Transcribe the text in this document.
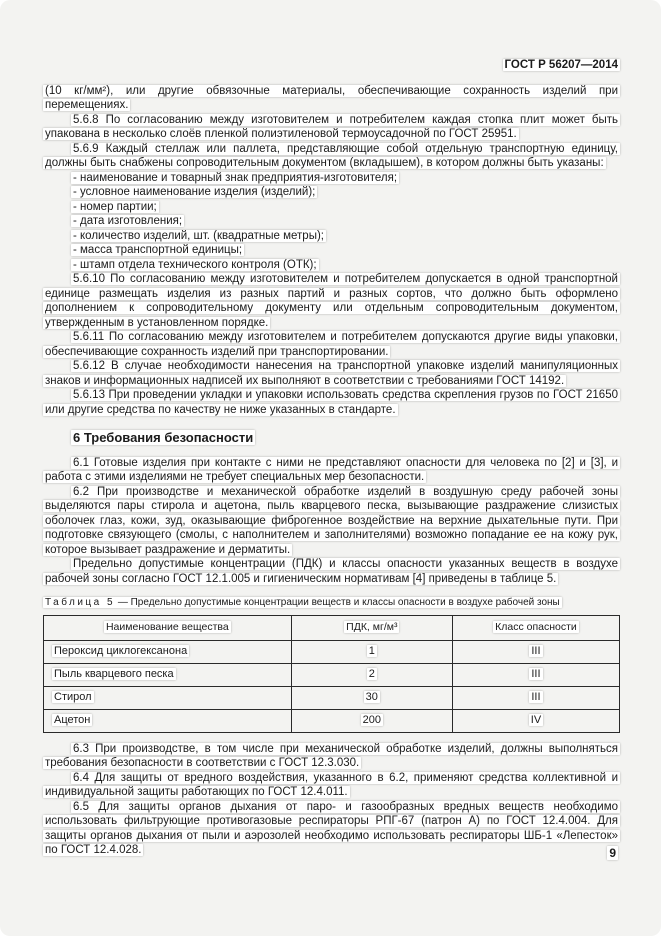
ГОСТ Р 56207—2014

(10 кг/мм²), или другие обвязочные материалы, обеспечивающие сохранность изделий при перемещениях.

5.6.8 По согласованию между изготовителем и потребителем каждая стопка плит может быть упакована в несколько слоёв пленкой полиэтиленовой термоусадочной по ГОСТ 25951.

5.6.9 Каждый стеллаж или паллета, представляющие собой отдельную транспортную единицу, должны быть снабжены сопроводительным документом (вкладышем), в котором должны быть указаны:

- наименование и товарный знак предприятия-изготовителя;

- условное наименование изделия (изделий);

- номер партии;

- дата изготовления;

- количество изделий, шт. (квадратные метры);

- масса транспортной единицы;

- штамп отдела технического контроля (ОТК);

5.6.10 По согласованию между изготовителем и потребителем допускается в одной транспортной единице размещать изделия из разных партий и разных сортов, что должно быть оформлено дополнением к сопроводительному документу или отдельным сопроводительным документом, утвержденным в установленном порядке.

5.6.11 По согласованию между изготовителем и потребителем допускаются другие виды упаковки, обеспечивающие сохранность изделий при транспортировании.

5.6.12 В случае необходимости нанесения на транспортной упаковке изделий манипуляционных знаков и информационных надписей их выполняют в соответствии с требованиями ГОСТ 14192.

5.6.13 При проведении укладки и упаковки использовать средства скрепления грузов по ГОСТ 21650 или другие средства по качеству не ниже указанных в стандарте.

6 Требования безопасности

6.1 Готовые изделия при контакте с ними не представляют опасности для человека по [2] и [3], и работа с этими изделиями не требует специальных мер безопасности.

6.2 При производстве и механической обработке изделий в воздушную среду рабочей зоны выделяются пары стирола и ацетона, пыль кварцевого песка, вызывающие раздражение слизистых оболочек глаз, кожи, зуд, оказывающие фиброгенное воздействие на верхние дыхательные пути. При подготовке связующего (смолы, с наполнителем и заполнителями) возможно попадание ее на кожу рук, которое вызывает раздражение и дерматиты.

Предельно допустимые концентрации (ПДК) и классы опасности указанных веществ в воздухе рабочей зоны согласно ГОСТ 12.1.005 и гигиеническим нормативам [4] приведены в таблице 5.

Таблица 5 — Предельно допустимые концентрации веществ и классы опасности в воздухе рабочей зоны
Наименование вещества	ПДК, мг/м³	Класс опасности
Пероксид циклогексанона	1	III
Пыль кварцевого песка	2	III
Стирол	30	III
Ацетон	200	IV

6.3 При производстве, в том числе при механической обработке изделий, должны выполняться требования безопасности в соответствии с ГОСТ 12.3.030.

6.4 Для защиты от вредного воздействия, указанного в 6.2, применяют средства коллективной и индивидуальной защиты работающих по ГОСТ 12.4.011.

6.5 Для защиты органов дыхания от паро- и газообразных вредных веществ необходимо использовать фильтрующие противогазовые респираторы РПГ-67 (патрон А) по ГОСТ 12.4.004. Для защиты органов дыхания от пыли и аэрозолей необходимо использовать респираторы ШБ-1 «Лепесток» по ГОСТ 12.4.028.	9
